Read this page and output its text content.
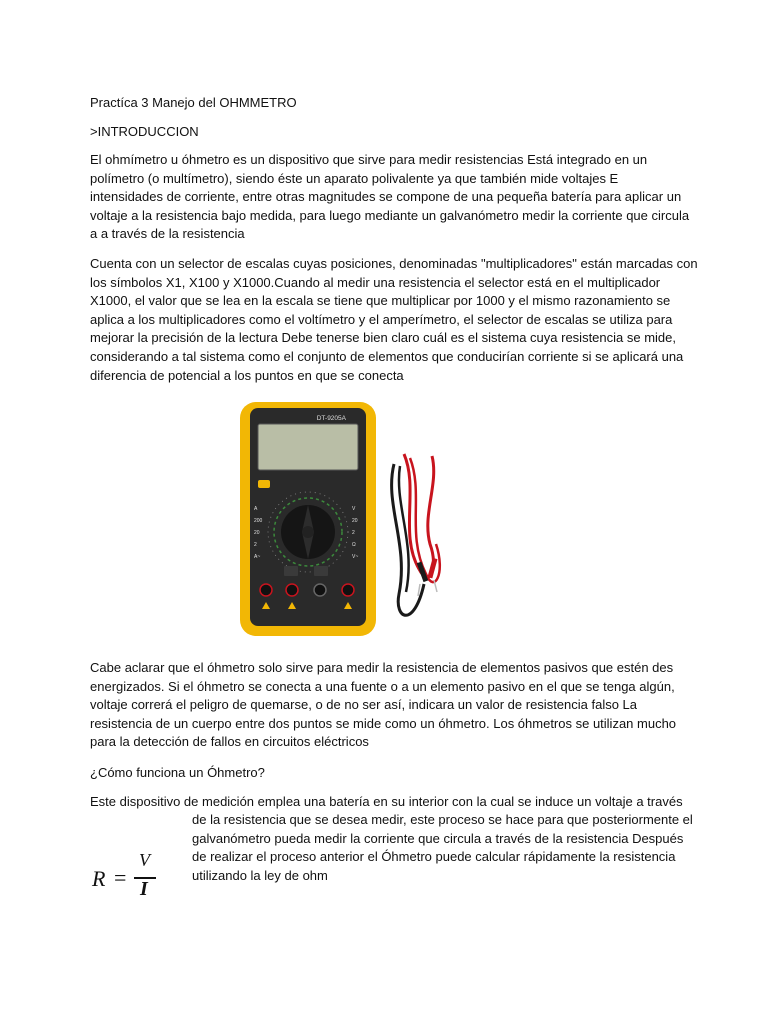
Practíca 3 Manejo del OHMMETRO

>INTRODUCCION

El ohmímetro u óhmetro es un dispositivo que sirve para medir resistencias Está integrado en un
polímetro (o multímetro), siendo éste un aparato polivalente ya que también mide voltajes E
intensidades de corriente, entre otras magnitudes se compone de una pequeña batería para aplicar un
voltaje a la resistencia bajo medida, para luego mediante un galvanómetro medir la corriente que circula
a a través de la resistencia
Cuenta con un selector de escalas cuyas posiciones, denominadas "multiplicadores" están marcadas con
los símbolos X1, X100 y X1000.Cuando al medir una resistencia el selector está en el multiplicador
X1000, el valor que se lea en la escala se tiene que multiplicar por 1000 y el mismo razonamiento se
aplica a los multiplicadores como el voltímetro y el amperímetro, el selector de escalas se utiliza para
mejorar la precisión de la lectura Debe tenerse bien claro cuál es el sistema cuya resistencia se mide,
considerando a tal sistema como el conjunto de elementos que conducirían corriente si se aplicará una
diferencia de potencial a los puntos en que se conecta
DT-9205A
A
200
20
2
A~
V
20
2
Ω
V~
Cabe aclarar que el óhmetro solo sirve para medir la resistencia de elementos pasivos que estén des
energizados. Si el óhmetro se conecta a una fuente o a un elemento pasivo en el que se tenga algún,
voltaje correrá el peligro de quemarse, o de no ser así, indicara un valor de resistencia falso La
resistencia de un cuerpo entre dos puntos se mide como un óhmetro. Los óhmetros se utilizan mucho
para la detección de fallos en circuitos eléctricos

¿Cómo funciona un Óhmetro?

Este dispositivo de medición emplea una batería en su interior con la cual se induce un voltaje a través

de la resistencia que se desea medir, este proceso se hace para que posteriormente el
galvanómetro pueda medir la corriente que circula a través de la resistencia Después
de realizar el proceso anterior el Óhmetro puede calcular rápidamente la resistencia
utilizando la ley de ohm
R =
V
I
